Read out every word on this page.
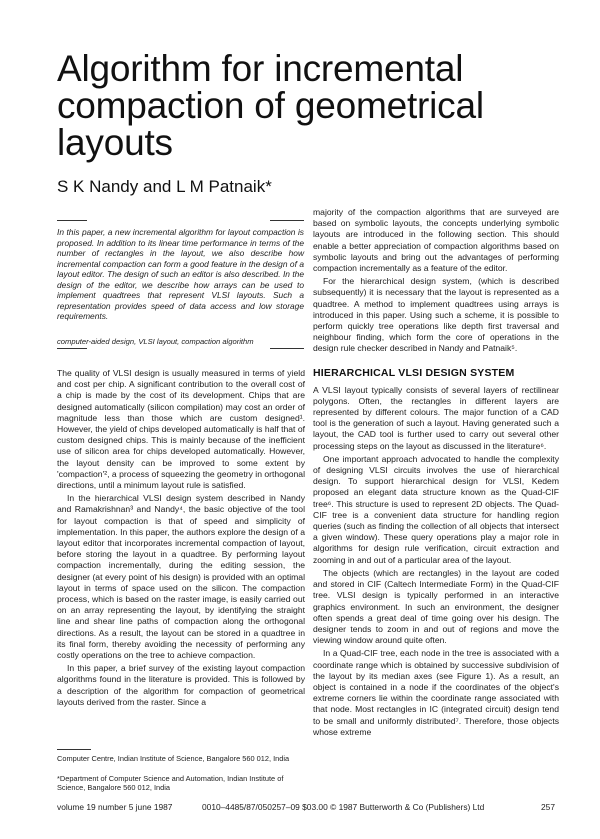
Algorithm for incremental compaction of geometrical layouts

S K Nandy and L M Patnaik*

In this paper, a new incremental algorithm for layout compaction is proposed. In addition to its linear time performance in terms of the number of rectangles in the layout, we also describe how incremental compaction can form a good feature in the design of a layout editor. The design of such an editor is also described. In the design of the editor, we describe how arrays can be used to implement quadtrees that represent VLSI layouts. Such a representation provides speed of data access and low storage requirements.

computer-aided design, VLSI layout, compaction algorithm

The quality of VLSI design is usually measured in terms of yield and cost per chip. A significant contribution to the overall cost of a chip is made by the cost of its development. Chips that are designed automatically (silicon compilation) may cost an order of magnitude less than those which are custom designed¹. However, the yield of chips developed automatically is half that of custom designed chips. This is mainly because of the inefficient use of silicon area for chips developed automatically. However, the layout density can be improved to some extent by 'compaction'², a process of squeezing the geometry in orthogonal directions, until a minimum layout rule is satisfied.

In the hierarchical VLSI design system described in Nandy and Ramakrishnan³ and Nandy⁴, the basic objective of the tool for layout compaction is that of speed and simplicity of implementation. In this paper, the authors explore the design of a layout editor that incorporates incremental compaction of layout, before storing the layout in a quadtree. By performing layout compaction incrementally, during the editing session, the designer (at every point of his design) is provided with an optimal layout in terms of space used on the silicon. The compaction process, which is based on the raster image, is easily carried out on an array representing the layout, by identifying the straight line and shear line paths of compaction along the orthogonal directions. As a result, the layout can be stored in a quadtree in its final form, thereby avoiding the necessity of performing any costly operations on the tree to achieve compaction.

In this paper, a brief survey of the existing layout compaction algorithms found in the literature is provided. This is followed by a description of the algorithm for compaction of geometrical layouts derived from the raster. Since a

Computer Centre, Indian Institute of Science, Bangalore 560 012, India

*Department of Computer Science and Automation, Indian Institute of Science, Bangalore 560 012, India

majority of the compaction algorithms that are surveyed are based on symbolic layouts, the concepts underlying symbolic layouts are introduced in the following section. This should enable a better appreciation of compaction algorithms based on symbolic layouts and bring out the advantages of performing compaction incrementally as a feature of the editor.

For the hierarchical design system, (which is described subsequently) it is necessary that the layout is represented as a quadtree. A method to implement quadtrees using arrays is introduced in this paper. Using such a scheme, it is possible to perform quickly tree operations like depth first traversal and neighbour finding, which form the core of operations in the design rule checker described in Nandy and Patnaik⁵.

HIERARCHICAL VLSI DESIGN SYSTEM

A VLSI layout typically consists of several layers of rectilinear polygons. Often, the rectangles in different layers are represented by different colours. The major function of a CAD tool is the generation of such a layout. Having generated such a layout, the CAD tool is further used to carry out several other processing steps on the layout as discussed in the literature⁶.

One important approach advocated to handle the complexity of designing VLSI circuits involves the use of hierarchical design. To support hierarchical design for VLSI, Kedem proposed an elegant data structure known as the Quad-CIF tree⁶. This structure is used to represent 2D objects. The Quad-CIF tree is a convenient data structure for handling region queries (such as finding the collection of all objects that intersect a given window). These query operations play a major role in algorithms for design rule verification, circuit extraction and zooming in and out of a particular area of the layout.

The objects (which are rectangles) in the layout are coded and stored in CIF (Caltech Intermediate Form) in the Quad-CIF tree. VLSI design is typically performed in an interactive graphics environment. In such an environment, the designer often spends a great deal of time going over his design. The designer tends to zoom in and out of regions and move the viewing window around quite often.

In a Quad-CIF tree, each node in the tree is associated with a coordinate range which is obtained by successive subdivision of the layout by its median axes (see Figure 1). As a result, an object is contained in a node if the coordinates of the object's extreme corners lie within the coordinate range associated with that node. Most rectangles in IC (integrated circuit) design tend to be small and uniformly distributed⁷. Therefore, those objects whose extreme

volume 19 number 5 june 1987	0010–4485/87/050257–09 $03.00 © 1987 Butterworth & Co (Publishers) Ltd	257
